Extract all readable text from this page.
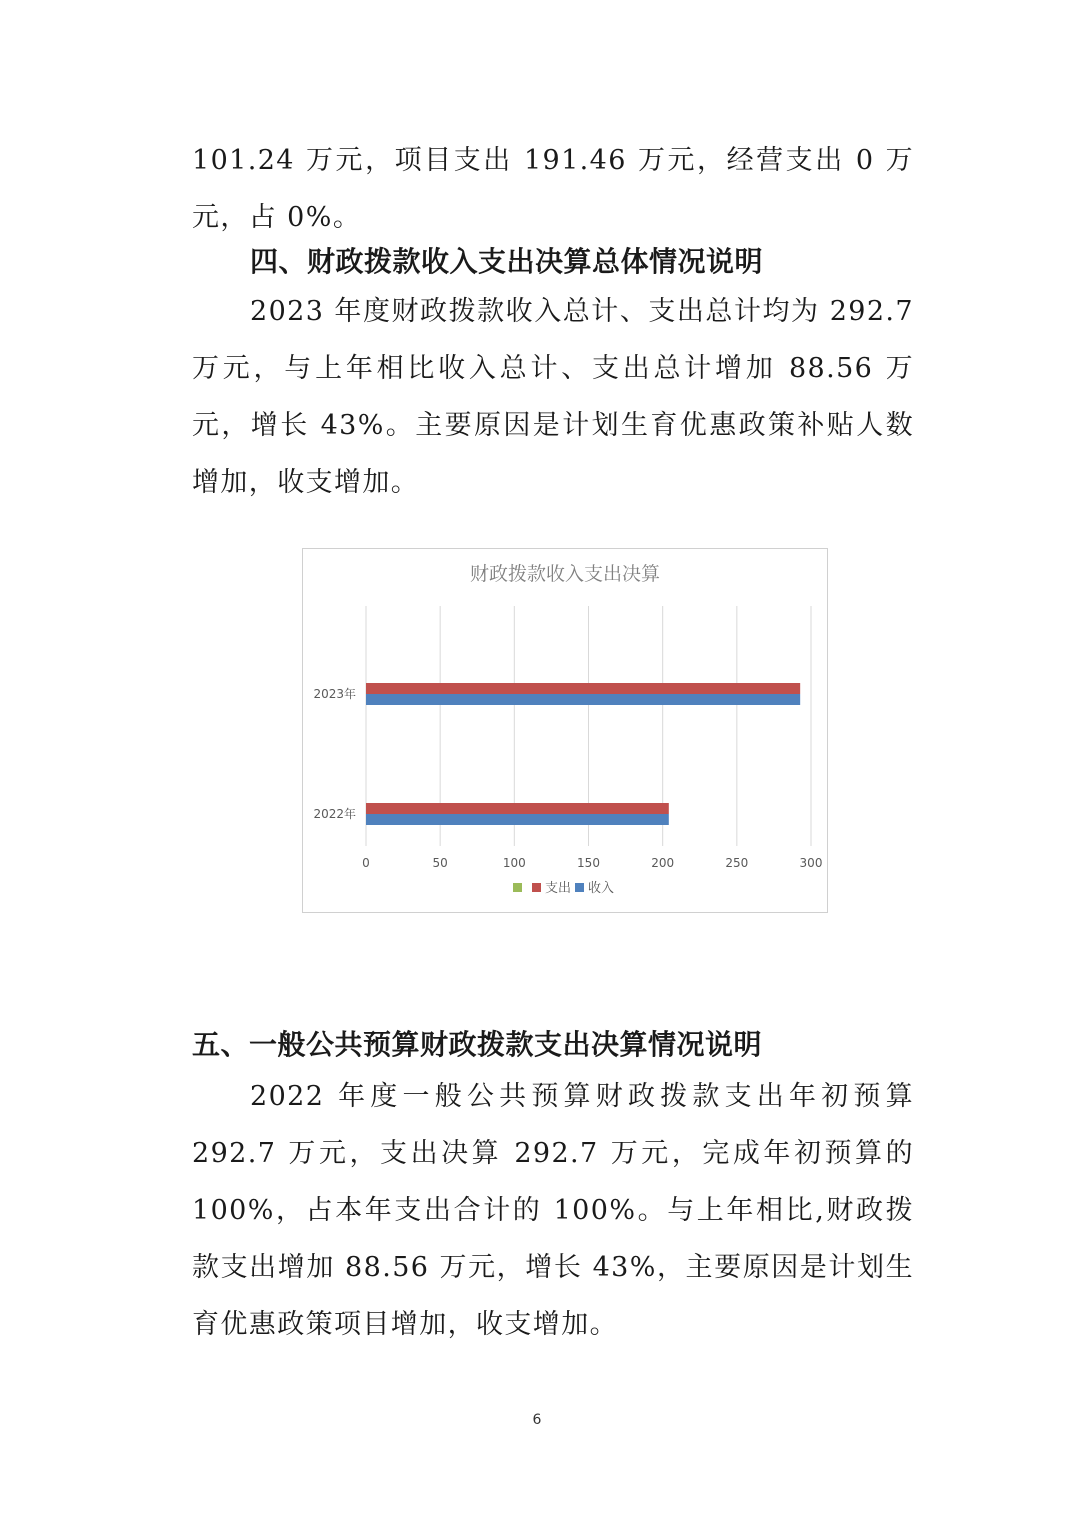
101.24 万元，项目支出 191.46 万元，经营支出 0 万元，占 0%。

四、财政拨款收入支出决算总体情况说明

2023 年度财政拨款收入总计、支出总计均为 292.7 万元，与上年相比收入总计、支出总计增加 88.56 万元，增长 43%。主要原因是计划生育优惠政策补贴人数增加，收支增加。

财政拨款收入支出决算
0	50	100	150	200	250	300
2022年
2023年
支出 收入
五、一般公共预算财政拨款支出决算情况说明

2022 年度一般公共预算财政拨款支出年初预算 292.7 万元，支出决算 292.7 万元，完成年初预算的 100%，占本年支出合计的 100%。与上年相比,财政拨款支出增加 88.56 万元，增长 43%，主要原因是计划生育优惠政策项目增加，收支增加。

6
